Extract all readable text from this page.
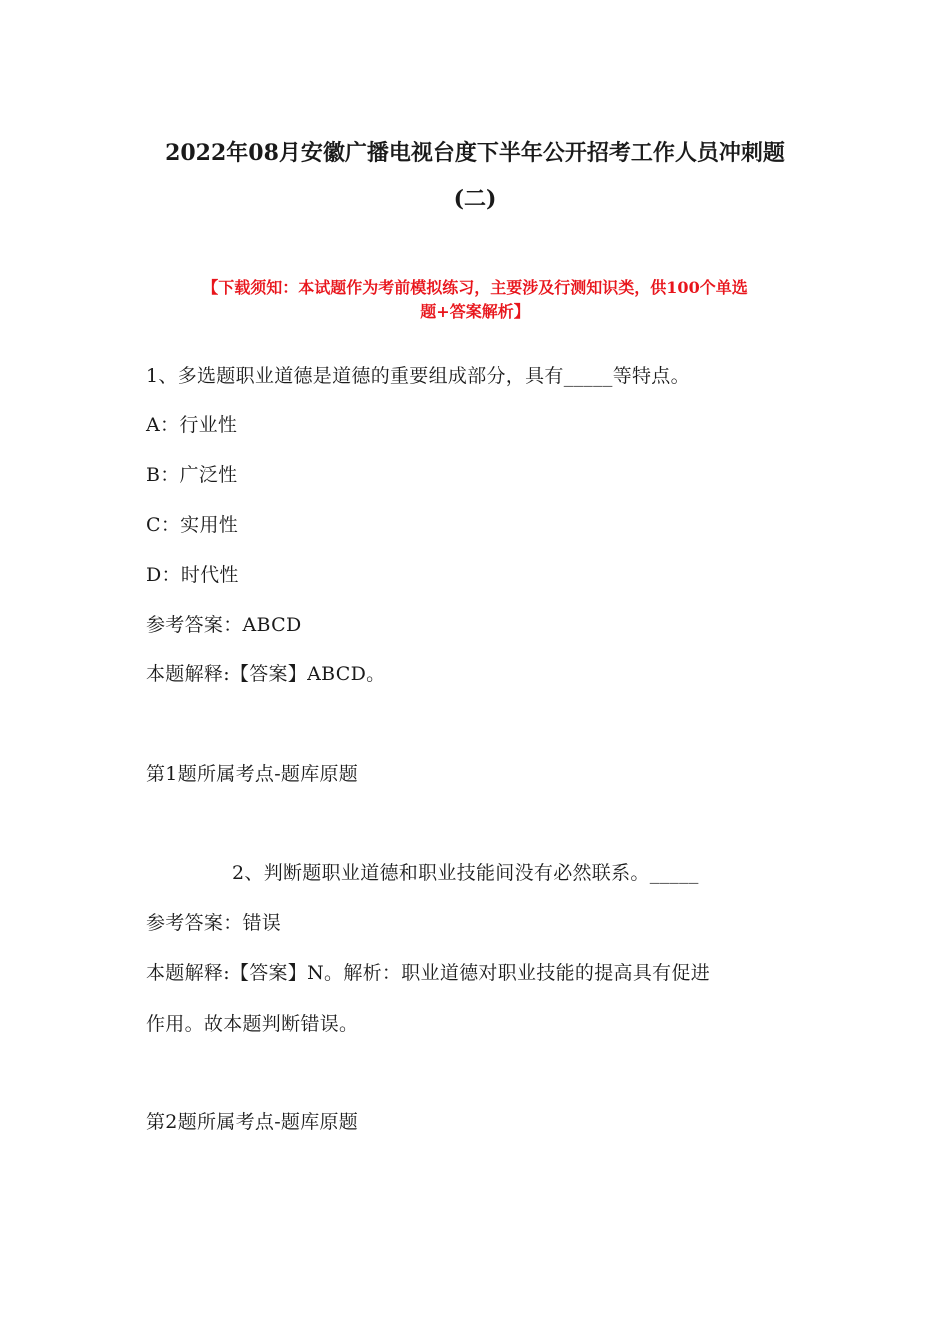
2022年08月安徽广播电视台度下半年公开招考工作人员冲刺题
(二)
【下载须知：本试题作为考前模拟练习，主要涉及行测知识类，供100个单选
题+答案解析】
1、多选题职业道德是道德的重要组成部分，具有_____等特点。
A：行业性
B：广泛性
C：实用性
D：时代性
参考答案：ABCD
本题解释:【答案】ABCD。
第1题所属考点-题库原题
2、判断题职业道德和职业技能间没有必然联系。_____
参考答案：错误
本题解释:【答案】N。解析：职业道德对职业技能的提高具有促进
作用。故本题判断错误。
第2题所属考点-题库原题
